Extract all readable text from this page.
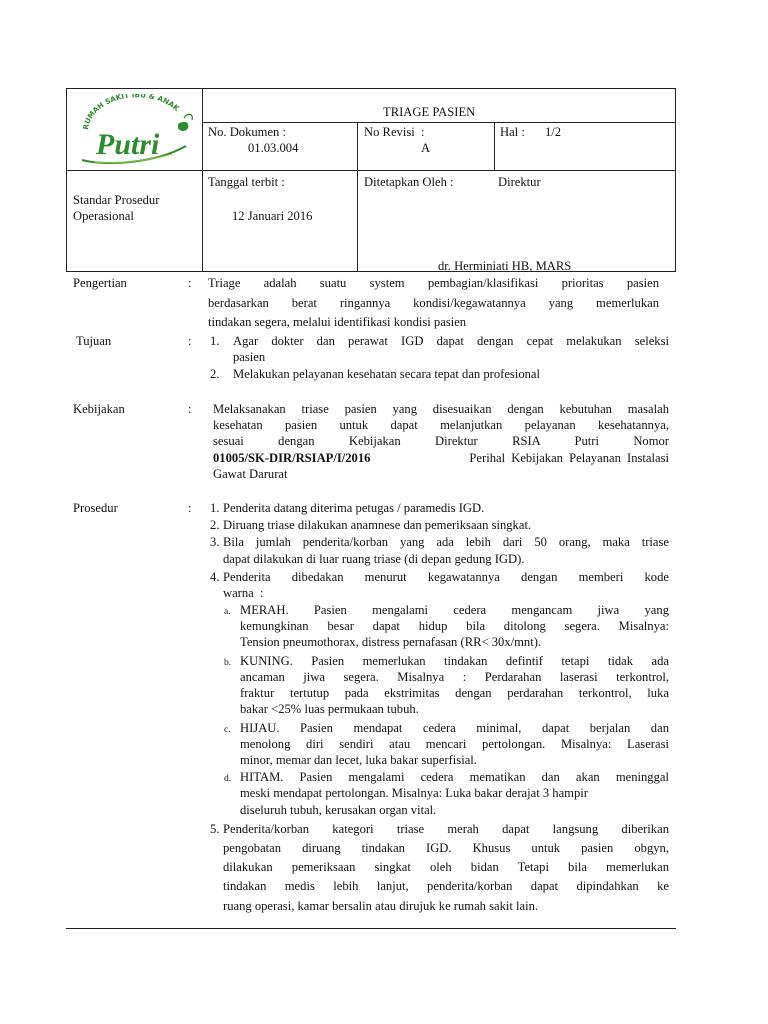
RUMAH SAKIT IBU & ANAK
Putri
TRIAGE PASIEN
No. Dokumen :
01.03.004
No Revisi  :
A
Hal : 1/2
Standar Prosedur
Operasional
Tanggal terbit :
12 Januari 2016
Ditetapkan Oleh :	Direktur
dr. Herminiati HB, MARS
Pengertian	: Triage adalah suatu system pembagian/klasifikasi prioritas pasien
berdasarkan berat ringannya kondisi/kegawatannya yang memerlukan
tindakan segera, melalui identifikasi kondisi pasien
Tujuan	: 1. Agar dokter dan perawat IGD dapat dengan cepat melakukan seleksi
pasien
2. Melakukan pelayanan kesehatan secara tepat dan profesional
Kebijakan	: Melaksanakan triase pasien yang disesuaikan dengan kebutuhan masalah
kesehatan pasien untuk dapat melanjutkan pelayanan kesehatannya,
sesuai dengan Kebijakan Direktur RSIA Putri Nomor
01005/SK-DIR/RSIAP/I/2016	Perihal Kebijakan Pelayanan Instalasi
Gawat Darurat
Prosedur	: 1. Penderita datang diterima petugas / paramedis IGD.
2. Diruang triase dilakukan anamnese dan pemeriksaan singkat.
3. Bila jumlah penderita/korban yang ada lebih dari 50 orang, maka triase
dapat dilakukan di luar ruang triase (di depan gedung IGD).
4. Penderita dibedakan menurut kegawatannya dengan memberi kode
warna  :
a. MERAH. Pasien mengalami cedera mengancam jiwa yang
kemungkinan besar dapat hidup bila ditolong segera. Misalnya:
Tension pneumothorax, distress pernafasan (RR< 30x/mnt).
b. KUNING. Pasien memerlukan tindakan defintif tetapi tidak ada
ancaman jiwa segera. Misalnya : Perdarahan laserasi terkontrol,
fraktur tertutup pada ekstrimitas dengan perdarahan terkontrol, luka
bakar <25% luas permukaan tubuh.
c. HIJAU. Pasien mendapat cedera minimal, dapat berjalan dan
menolong diri sendiri atau mencari pertolongan. Misalnya: Laserasi
minor, memar dan lecet, luka bakar superfisial.
d. HITAM. Pasien mengalami cedera mematikan dan akan meninggal
meski mendapat pertolongan. Misalnya: Luka bakar derajat 3 hampir
diseluruh tubuh, kerusakan organ vital.
5. Penderita/korban kategori triase merah dapat langsung diberikan
pengobatan diruang tindakan IGD. Khusus untuk pasien obgyn,
dilakukan pemeriksaan singkat oleh bidan Tetapi bila memerlukan
tindakan medis lebih lanjut, penderita/korban dapat dipindahkan ke
ruang operasi, kamar bersalin atau dirujuk ke rumah sakit lain.
